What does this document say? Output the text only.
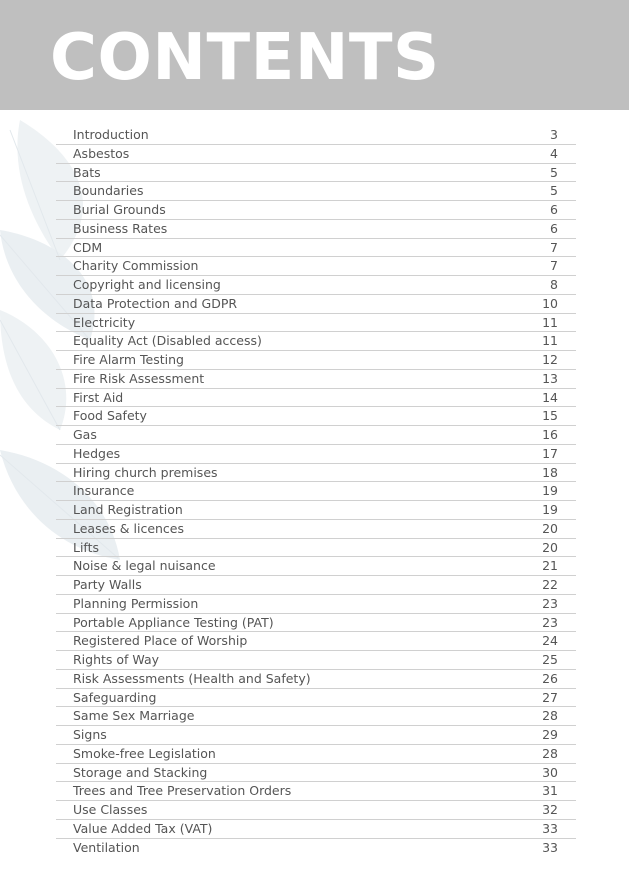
CONTENTS
Introduction	3
Asbestos	4
Bats	5
Boundaries	5
Burial Grounds	6
Business Rates	6
CDM	7
Charity Commission	7
Copyright and licensing	8
Data Protection and GDPR	10
Electricity	11
Equality Act (Disabled access)	11
Fire Alarm Testing	12
Fire Risk Assessment	13
First Aid	14
Food Safety	15
Gas	16
Hedges	17
Hiring church premises	18
Insurance	19
Land Registration	19
Leases & licences	20
Lifts	20
Noise & legal nuisance	21
Party Walls	22
Planning Permission	23
Portable Appliance Testing (PAT)	23
Registered Place of Worship	24
Rights of Way	25
Risk Assessments (Health and Safety)	26
Safeguarding	27
Same Sex Marriage	28
Signs	29
Smoke-free Legislation	28
Storage and Stacking	30
Trees and Tree Preservation Orders	31
Use Classes	32
Value Added Tax (VAT)	33
Ventilation	33
